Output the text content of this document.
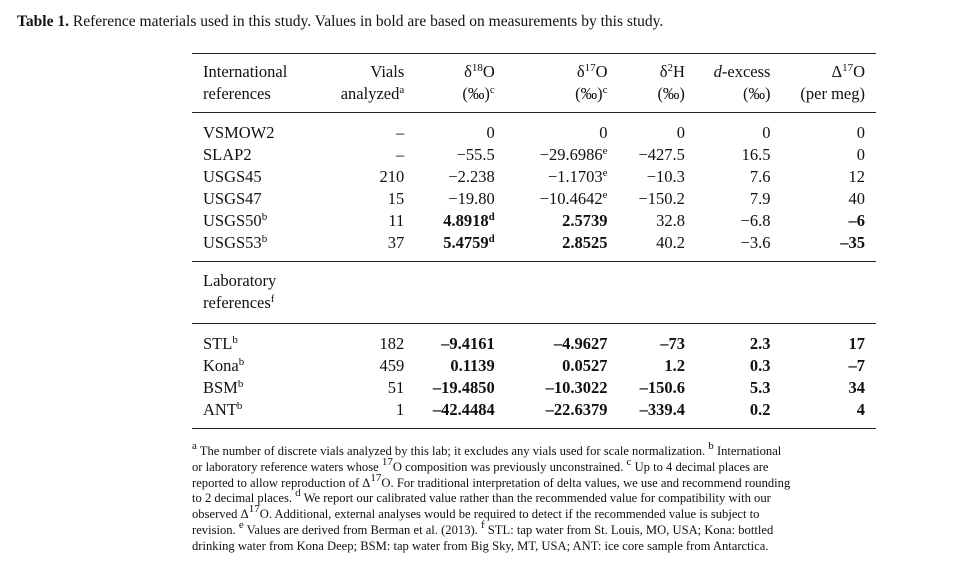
Table 1. Reference materials used in this study. Values in bold are based on measurements by this study.
International	Vials	$\delta^{18}O$	$\delta^{17}O$	$\delta^2H$	d-excess	$\Delta^{17}O$
references	analyzed$^a$	(‰)$^c$	(‰)$^c$	(‰)	(‰)	(per meg)
VSMOW2	–	0	0	0	0	0
SLAP2	–	−55.5	−29.6986$^e$	−427.5	16.5	0
USGS45	210	−2.238	−1.1703$^e$	−10.3	7.6	12
USGS47	15	−19.80	−10.4642$^e$	−150.2	7.9	40
USGS50$^b$	11	4.8918$^d$	2.5739	32.8	−6.8	–6
USGS53$^b$	37	5.4759$^d$	2.8525	40.2	−3.6	–35
Laboratory
references$^f$						
STL$^b$	182	–9.4161	–4.9627	–73	2.3	17
Kona$^b$	459	0.1139	0.0527	1.2	0.3	–7
BSM$^b$	51	–19.4850	–10.3022	–150.6	5.3	34
ANT$^b$	1	–42.4484	–22.6379	–339.4	0.2	4
$^a$ The number of discrete vials analyzed by this lab; it excludes any vials used for scale normalization. $^b$ International
or laboratory reference waters whose $^{17}$O composition was previously unconstrained. $^c$ Up to 4 decimal places are
reported to allow reproduction of $\Delta^{17}O$. For traditional interpretation of delta values, we use and recommend rounding
to 2 decimal places. $^d$ We report our calibrated value rather than the recommended value for compatibility with our
observed $\Delta^{17}O$. Additional, external analyses would be required to detect if the recommended value is subject to
revision. $^e$ Values are derived from Berman et al. (2013). $^f$ STL: tap water from St. Louis, MO, USA; Kona: bottled
drinking water from Kona Deep; BSM: tap water from Big Sky, MT, USA; ANT: ice core sample from Antarctica.
